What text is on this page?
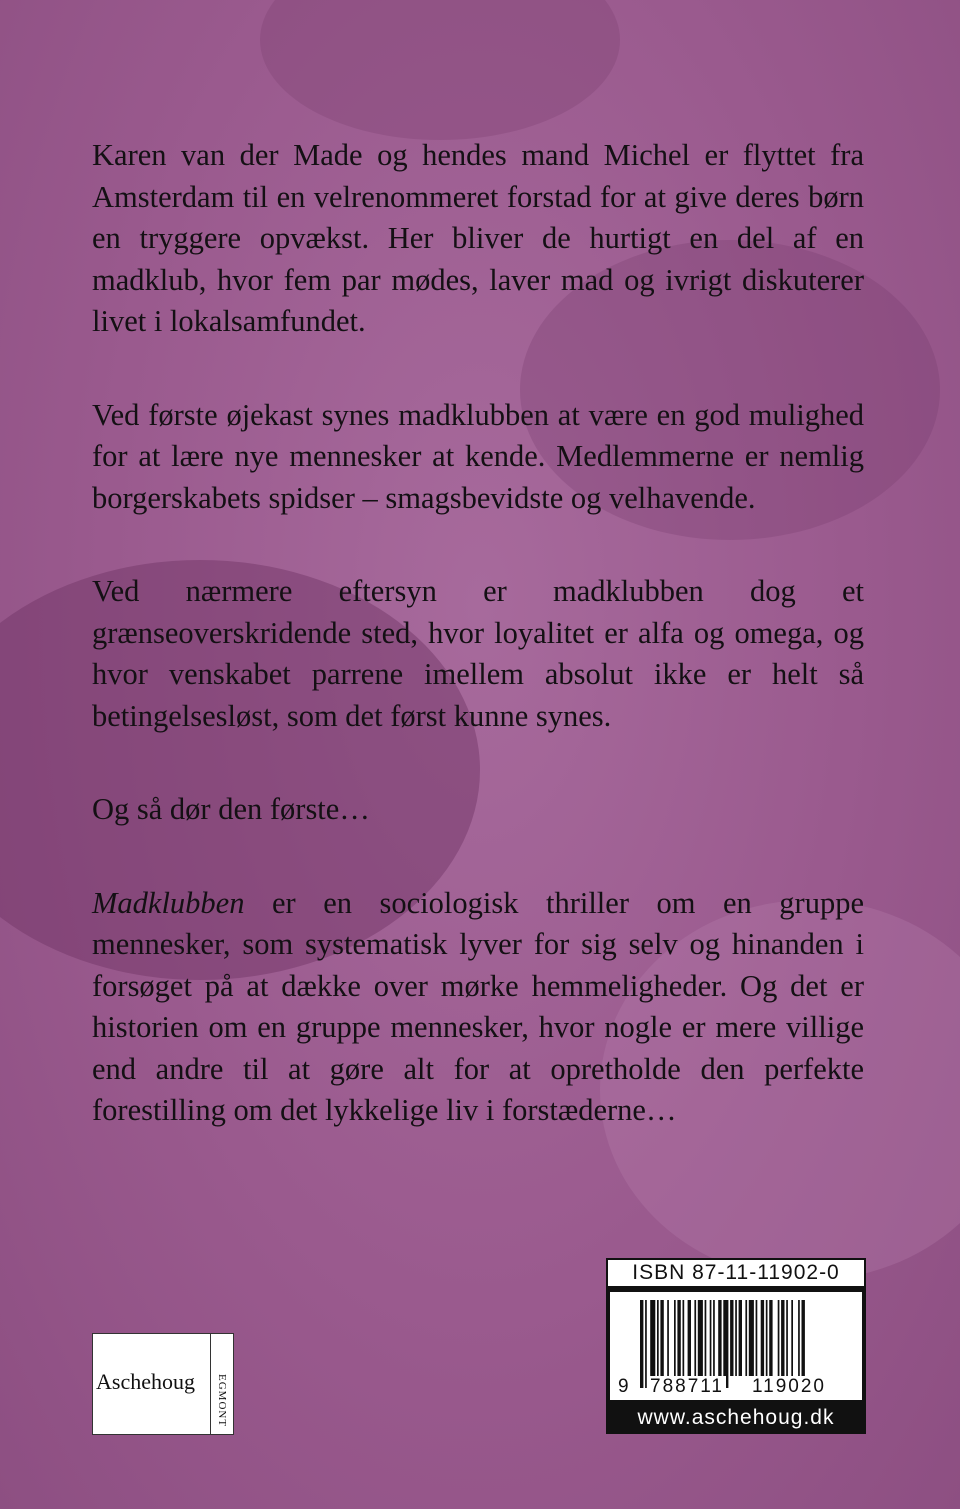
Karen van der Made og hendes mand Michel er flyttet fra Amsterdam til en velrenommeret forstad for at give deres børn en tryggere opvækst. Her bliver de hurtigt en del af en madklub, hvor fem par mødes, laver mad og ivrigt diskuterer livet i lokalsamfundet.

Ved første øjekast synes madklubben at være en god mulighed for at lære nye mennesker at kende. Medlemmerne er nemlig borgerskabets spidser – smagsbevidste og velhavende.

Ved nærmere eftersyn er madklubben dog et grænseoverskridende sted, hvor loyalitet er alfa og omega, og hvor venskabet parrene imellem absolut ikke er helt så betingelsesløst, som det først kunne synes.

Og så dør den første…

Madklubben er en sociologisk thriller om en gruppe mennesker, som systematisk lyver for sig selv og hinanden i forsøget på at dække over mørke hemmeligheder. Og det er historien om en gruppe mennesker, hvor nogle er mere villige end andre til at gøre alt for at opretholde den perfekte forestilling om det lykkelige liv i forstæderne…

Aschehoug EGMONT
ISBN 87-11-11902-0
9 788711 119020
www.aschehoug.dk
